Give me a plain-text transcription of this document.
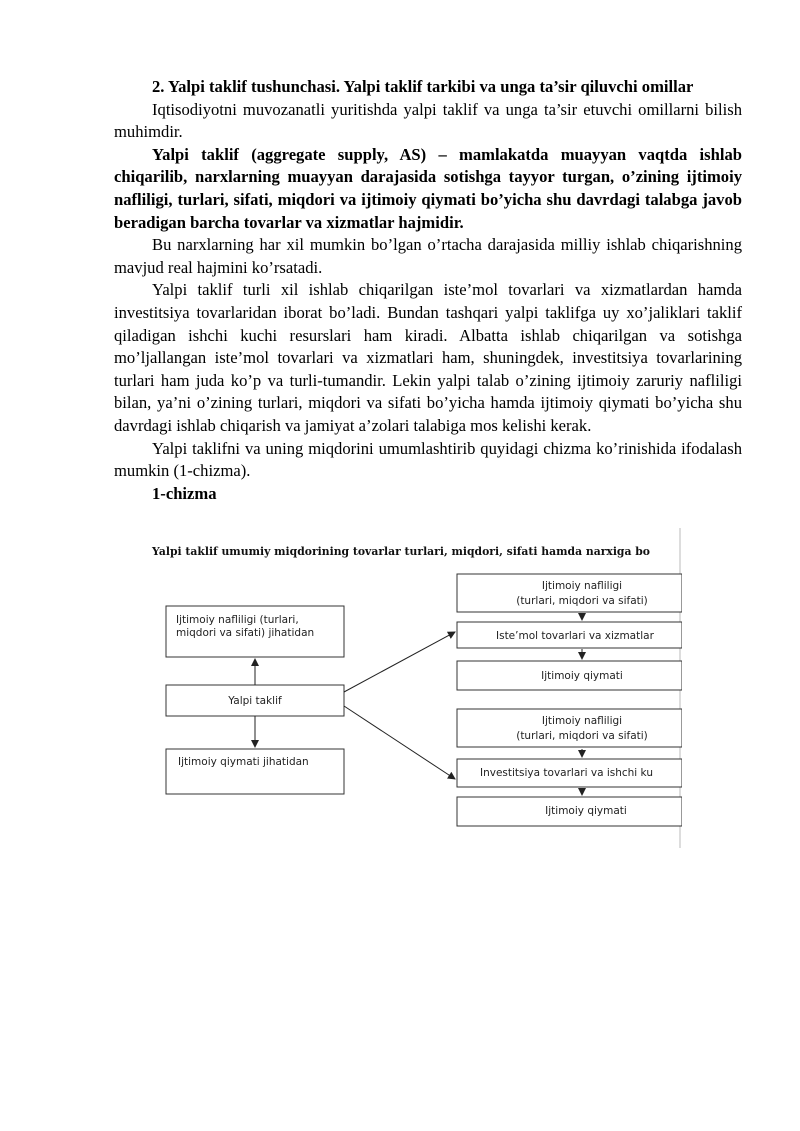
2. Yalpi taklif tushunchasi. Yalpi taklif tarkibi va unga ta’sir qiluvchi omillar

Iqtisodiyotni muvozanatli yuritishda yalpi taklif va unga ta’sir etuvchi omillarni bilish muhimdir.

Yalpi taklif (aggregate supply, AS) – mamlakatda muayyan vaqtda ishlab chiqarilib, narxlarning muayyan darajasida sotishga tayyor turgan, o’zining ijtimoiy nafliligi, turlari, sifati, miqdori va ijtimoiy qiymati bo’yicha shu davrdagi talabga javob beradigan barcha tovarlar va xizmatlar hajmidir.

Bu narxlarning har xil mumkin bo’lgan o’rtacha darajasida milliy ishlab chiqarishning mavjud real hajmini ko’rsatadi.

Yalpi taklif turli xil ishlab chiqarilgan iste’mol tovarlari va xizmatlardan hamda investitsiya tovarlaridan iborat bo’ladi. Bundan tashqari yalpi taklifga uy xo’jaliklari taklif qiladigan ishchi kuchi resurslari ham kiradi. Albatta ishlab chiqarilgan va sotishga mo’ljallangan iste’mol tovarlari va xizmatlari ham, shuningdek, investitsiya tovarlarining turlari ham juda ko’p va turli-tumandir. Lekin yalpi talab o’zining ijtimoiy zaruriy nafliligi bilan, ya’ni o’zining turlari, miqdori va sifati bo’yicha hamda ijtimoiy qiymati bo’yicha shu davrdagi ishlab chiqarish va jamiyat a’zolari talabiga mos kelishi kerak.

Yalpi taklifni va uning miqdorini umumlashtirib quyidagi chizma ko’rinishida ifodalash mumkin (1-chizma).

1-chizma

Yalpi taklif umumiy miqdorining tovarlar turlari, miqdori, sifati hamda narxiga bo
Ijtimoiy nafliligi (turlari,
miqdori va sifati) jihatidan
Yalpi taklif
Ijtimoiy qiymati jihatidan
Ijtimoiy nafliligi
(turlari, miqdori va sifati)
Iste’mol tovarlari va xizmatlar
Ijtimoiy qiymati
Ijtimoiy nafliligi
(turlari, miqdori va sifati)
Investitsiya tovarlari va ishchi ku
Ijtimoiy qiymati
